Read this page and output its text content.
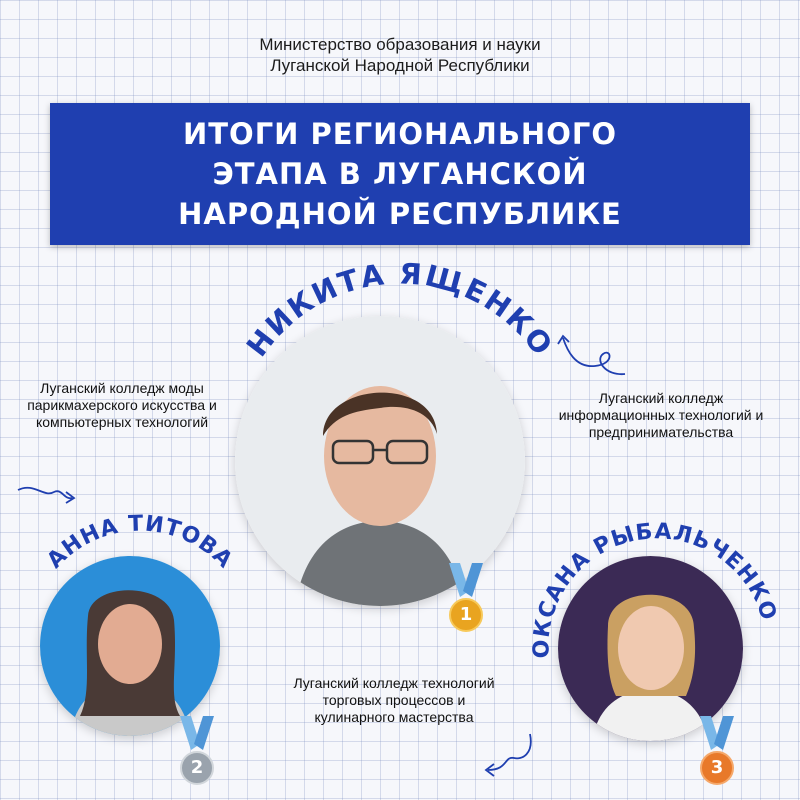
Министерство образования и науки
Луганской Народной Республики
ИТОГИ РЕГИОНАЛЬНОГО ЭТАПА В ЛУГАНСКОЙ НАРОДНОЙ РЕСПУБЛИКЕ
НИКИТА ЯЩЕНКО
1
Луганский колледж информационных технологий и предпринимательства
АННА ТИТОВА
2
Луганский колледж моды парикмахерского искусства и компьютерных технологий
ОКСАНА РЫБАЛЬЧЕНКО
3
Луганский колледж технологий торговых процессов и кулинарного мастерства
